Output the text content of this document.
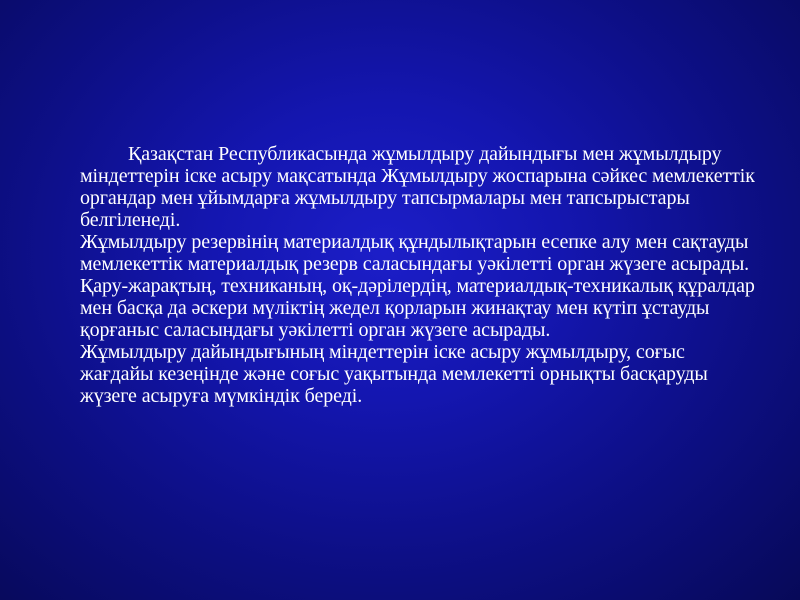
Қазақстан Республикасында жұмылдыру дайындығы мен жұмылдыру міндеттерін іске асыру мақсатында Жұмылдыру жоспарына сәйкес мемлекеттік органдар мен ұйымдарға жұмылдыру тапсырмалары мен тапсырыстары белгіленеді.

Жұмылдыру резервінің материалдық құндылықтарын есепке алу мен сақтауды мемлекеттік материалдық резерв саласындағы уәкілетті орган жүзеге асырады.

Қару-жарақтың, техниканың, оқ-дәрілердің, материалдық-техникалық құралдар мен басқа да әскери мүліктің жедел қорларын жинақтау мен күтіп ұстауды қорғаныс саласындағы уәкілетті орган жүзеге асырады.

Жұмылдыру дайындығының міндеттерін іске асыру жұмылдыру, соғыс жағдайы кезеңінде және соғыс уақытында мемлекетті орнықты басқаруды жүзеге асыруға мүмкіндік береді.
